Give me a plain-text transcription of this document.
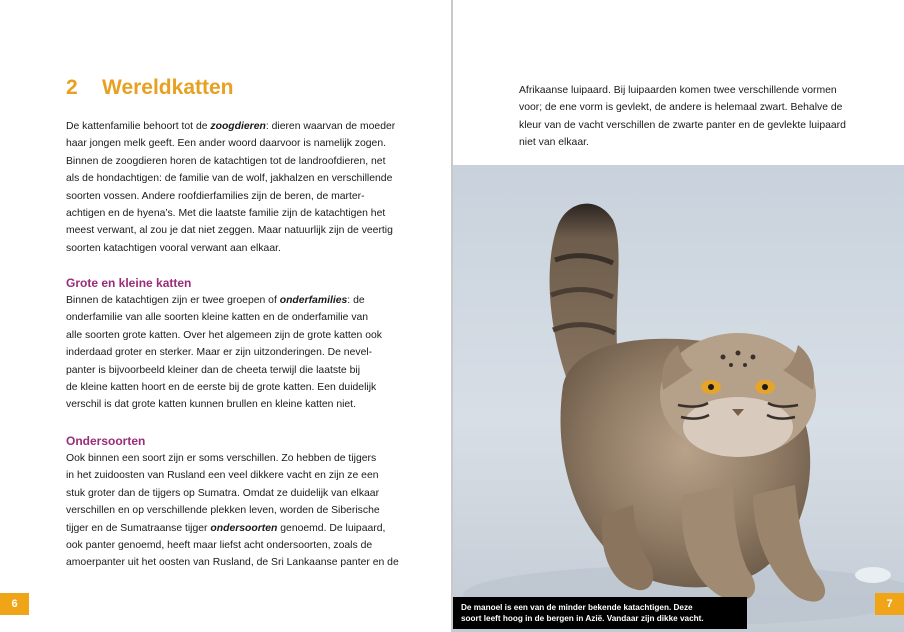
2 Wereldkatten
De kattenfamilie behoort tot de zoogdieren: dieren waarvan de moeder
haar jongen melk geeft. Een ander woord daarvoor is namelijk zogen.
Binnen de zoogdieren horen de katachtigen tot de landroofdieren, net
als de hondachtigen: de familie van de wolf, jakhalzen en verschillende
soorten vossen. Andere roofdierfamilies zijn de beren, de marter-
achtigen en de hyena’s. Met die laatste familie zijn de katachtigen het
meest verwant, al zou je dat niet zeggen. Maar natuurlijk zijn de veertig
soorten katachtigen vooral verwant aan elkaar.
Grote en kleine katten
Binnen de katachtigen zijn er twee groepen of onderfamilies: de
onderfamilie van alle soorten kleine katten en de onderfamilie van
alle soorten grote katten. Over het algemeen zijn de grote katten ook
inderdaad groter en sterker. Maar er zijn uitzonderingen. De nevel-
panter is bijvoorbeeld kleiner dan de cheeta terwijl die laatste bij
de kleine katten hoort en de eerste bij de grote katten. Een duidelijk
verschil is dat grote katten kunnen brullen en kleine katten niet.
Ondersoorten
Ook binnen een soort zijn er soms verschillen. Zo hebben de tijgers
in het zuidoosten van Rusland een veel dikkere vacht en zijn ze een
stuk groter dan de tijgers op Sumatra. Omdat ze duidelijk van elkaar
verschillen en op verschillende plekken leven, worden de Siberische
tijger en de Sumatraanse tijger ondersoorten genoemd. De luipaard,
ook panter genoemd, heeft maar liefst acht ondersoorten, zoals de
amoerpanter uit het oosten van Rusland, de Sri Lankaanse panter en de
6
Afrikaanse luipaard. Bij luipaarden komen twee verschillende vormen
voor; de ene vorm is gevlekt, de andere is helemaal zwart. Behalve de
kleur van de vacht verschillen de zwarte panter en de gevlekte luipaard
niet van elkaar.
De manoel is een van de minder bekende katachtigen. Deze
soort leeft hoog in de bergen in Azië. Vandaar zijn dikke vacht.
7
